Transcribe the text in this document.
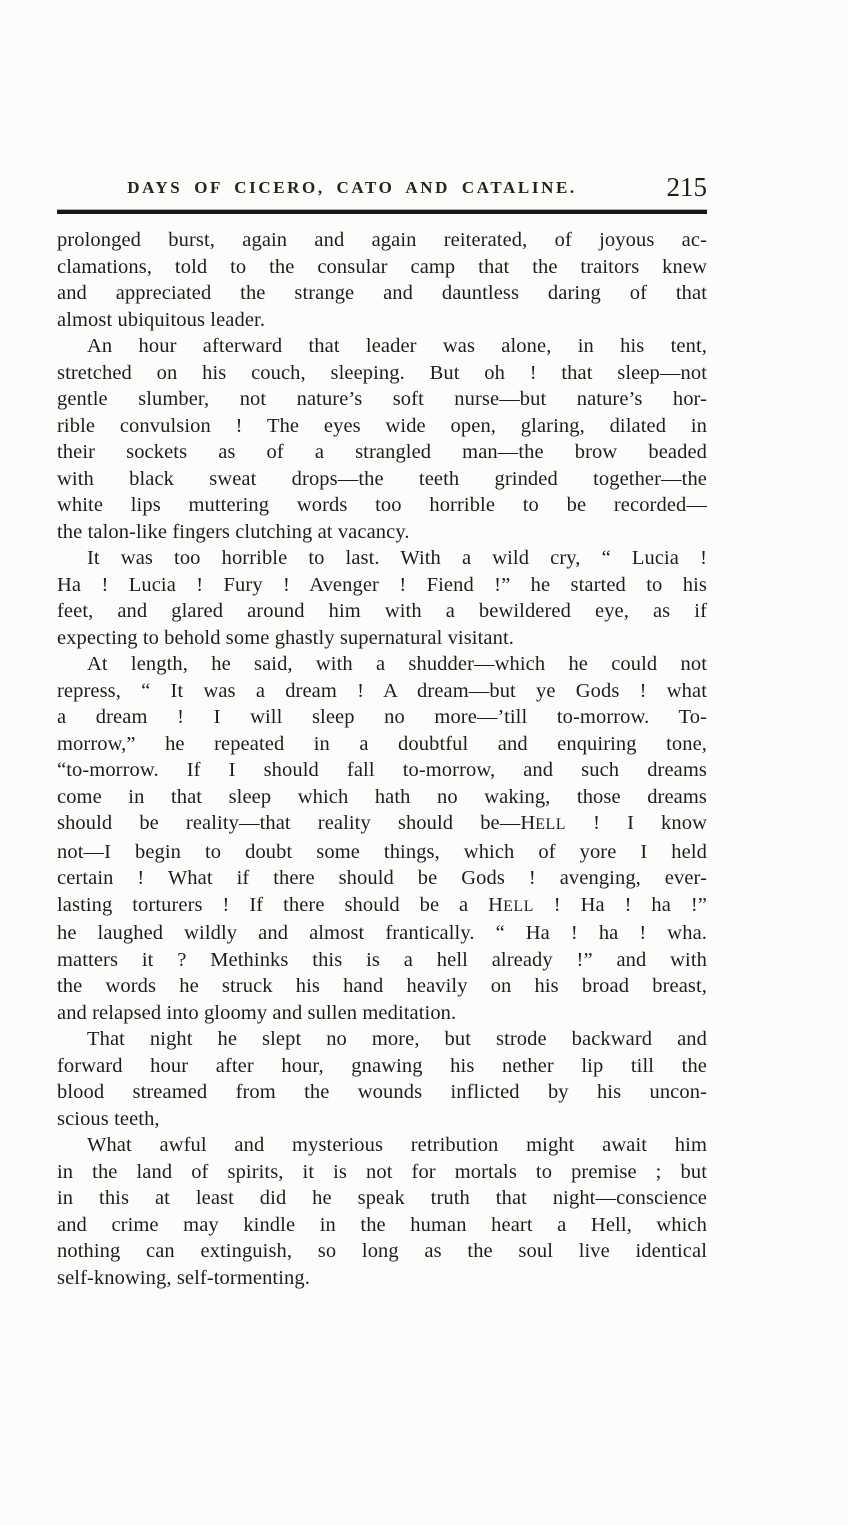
DAYS OF CICERO, CATO AND CATALINE.	215
prolonged burst, again and again reiterated, of joyous ac-
clamations, told to the consular camp that the traitors knew
and appreciated the strange and dauntless daring of that
almost ubiquitous leader.
An hour afterward that leader was alone, in his tent,
stretched on his couch, sleeping. But oh ! that sleep—not
gentle slumber, not nature’s soft nurse—but nature’s hor-
rible convulsion ! The eyes wide open, glaring, dilated in
their sockets as of a strangled man—the brow beaded
with black sweat drops—the teeth grinded together—the
white lips muttering words too horrible to be recorded—
the talon-like fingers clutching at vacancy.
It was too horrible to last. With a wild cry, “ Lucia !
Ha ! Lucia ! Fury ! Avenger ! Fiend !” he started to his
feet, and glared around him with a bewildered eye, as if
expecting to behold some ghastly supernatural visitant.
At length, he said, with a shudder—which he could not
repress, “ It was a dream ! A dream—but ye Gods ! what
a dream ! I will sleep no more—’till to-morrow. To-
morrow,” he repeated in a doubtful and enquiring tone,
“to-morrow. If I should fall to-morrow, and such dreams
come in that sleep which hath no waking, those dreams
should be reality—that reality should be—HELL ! I know
not—I begin to doubt some things, which of yore I held
certain ! What if there should be Gods ! avenging, ever-
lasting torturers ! If there should be a HELL ! Ha ! ha !”
he laughed wildly and almost frantically. “ Ha ! ha ! wha.
matters it ? Methinks this is a hell already !” and with
the words he struck his hand heavily on his broad breast,
and relapsed into gloomy and sullen meditation.
That night he slept no more, but strode backward and
forward hour after hour, gnawing his nether lip till the
blood streamed from the wounds inflicted by his uncon-
scious teeth,
What awful and mysterious retribution might await him
in the land of spirits, it is not for mortals to premise ; but
in this at least did he speak truth that night—conscience
and crime may kindle in the human heart a Hell, which
nothing can extinguish, so long as the soul live identical
self-knowing, self-tormenting.
